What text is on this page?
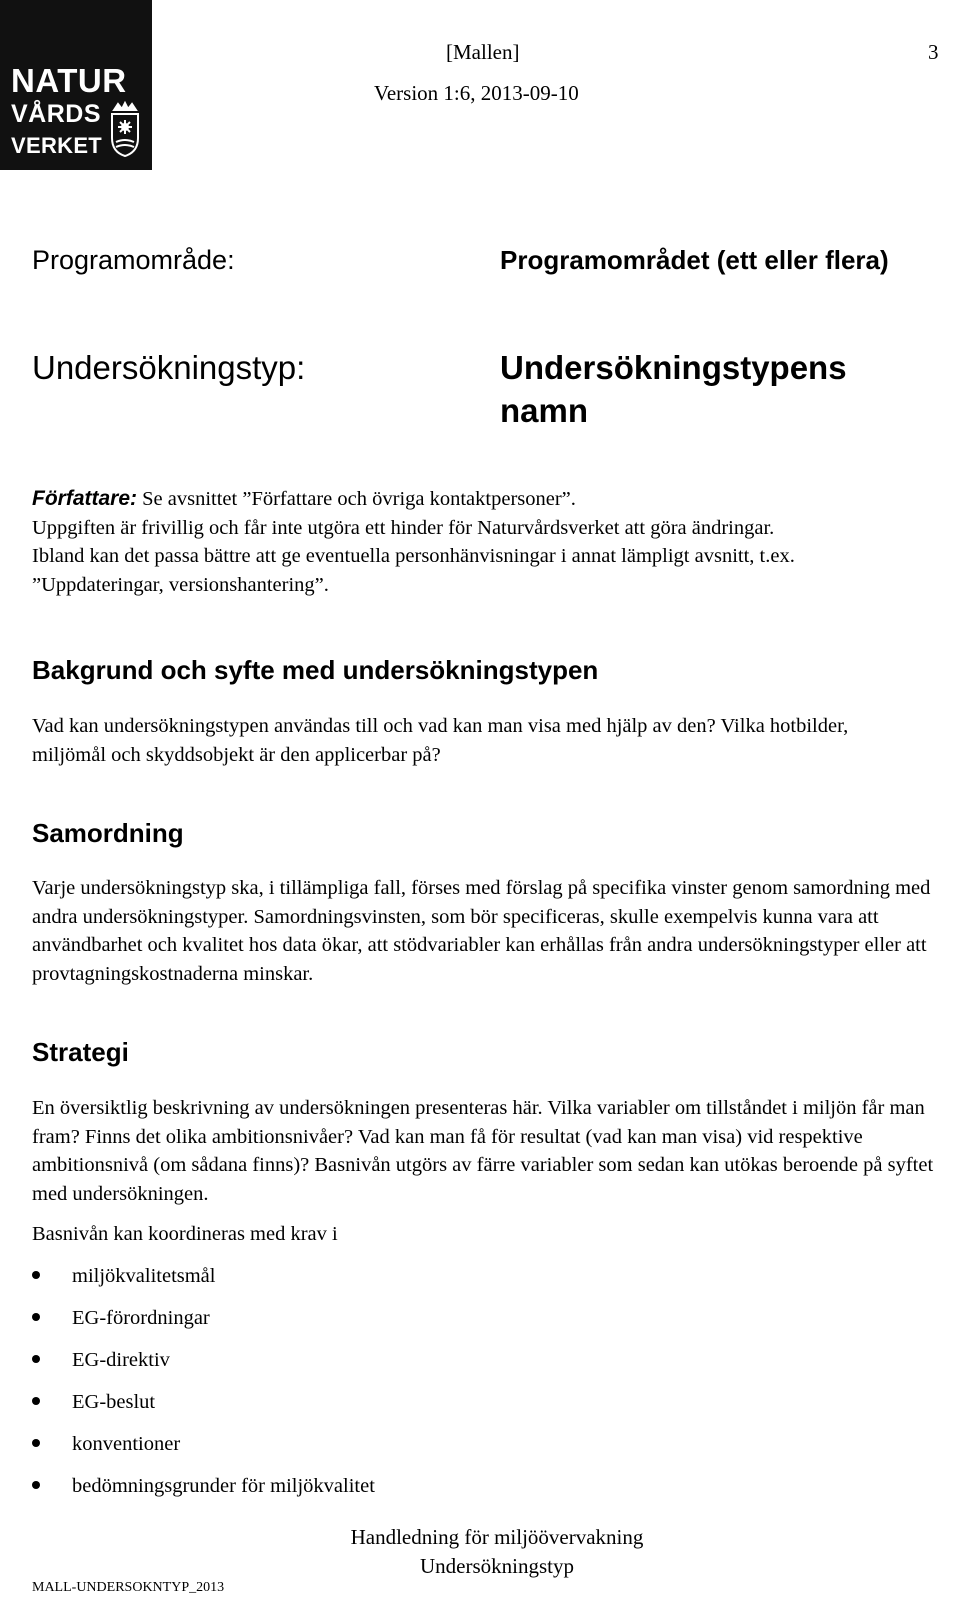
NATUR
VÅRDS
VERKET
[Mallen]	3
Version 1:6, 2013-09-10
Programområde:	Programområdet (ett eller flera)
Undersökningstyp:	Undersökningstypens namn
Författare: Se avsnittet ”Författare och övriga kontaktpersoner”.
Uppgiften är frivillig och får inte utgöra ett hinder för Naturvårdsverket att göra ändringar.
Ibland kan det passa bättre att ge eventuella personhänvisningar i annat lämpligt avsnitt, t.ex.
”Uppdateringar, versionshantering”.
Bakgrund och syfte med undersökningstypen
Vad kan undersökningstypen användas till och vad kan man visa med hjälp av den? Vilka hotbilder, miljömål och skyddsobjekt är den applicerbar på?
Samordning
Varje undersökningstyp ska, i tillämpliga fall, förses med förslag på specifika vinster genom samordning med andra undersökningstyper. Samordningsvinsten, som bör specificeras, skulle exempelvis kunna vara att användbarhet och kvalitet hos data ökar, att stödvariabler kan erhållas från andra undersökningstyper eller att provtagningskostnaderna minskar.
Strategi
En översiktlig beskrivning av undersökningen presenteras här. Vilka variabler om tillståndet i miljön får man fram? Finns det olika ambitionsnivåer? Vad kan man få för resultat (vad kan man visa) vid respektive ambitionsnivå (om sådana finns)? Basnivån utgörs av färre variabler som sedan kan utökas beroende på syftet med undersökningen.
Basnivån kan koordineras med krav i
miljökvalitetsmål
EG-förordningar
EG-direktiv
EG-beslut
konventioner
bedömningsgrunder för miljökvalitet
Handledning för miljöövervakning
Undersökningstyp
MALL-UNDERSOKNTYP_2013
